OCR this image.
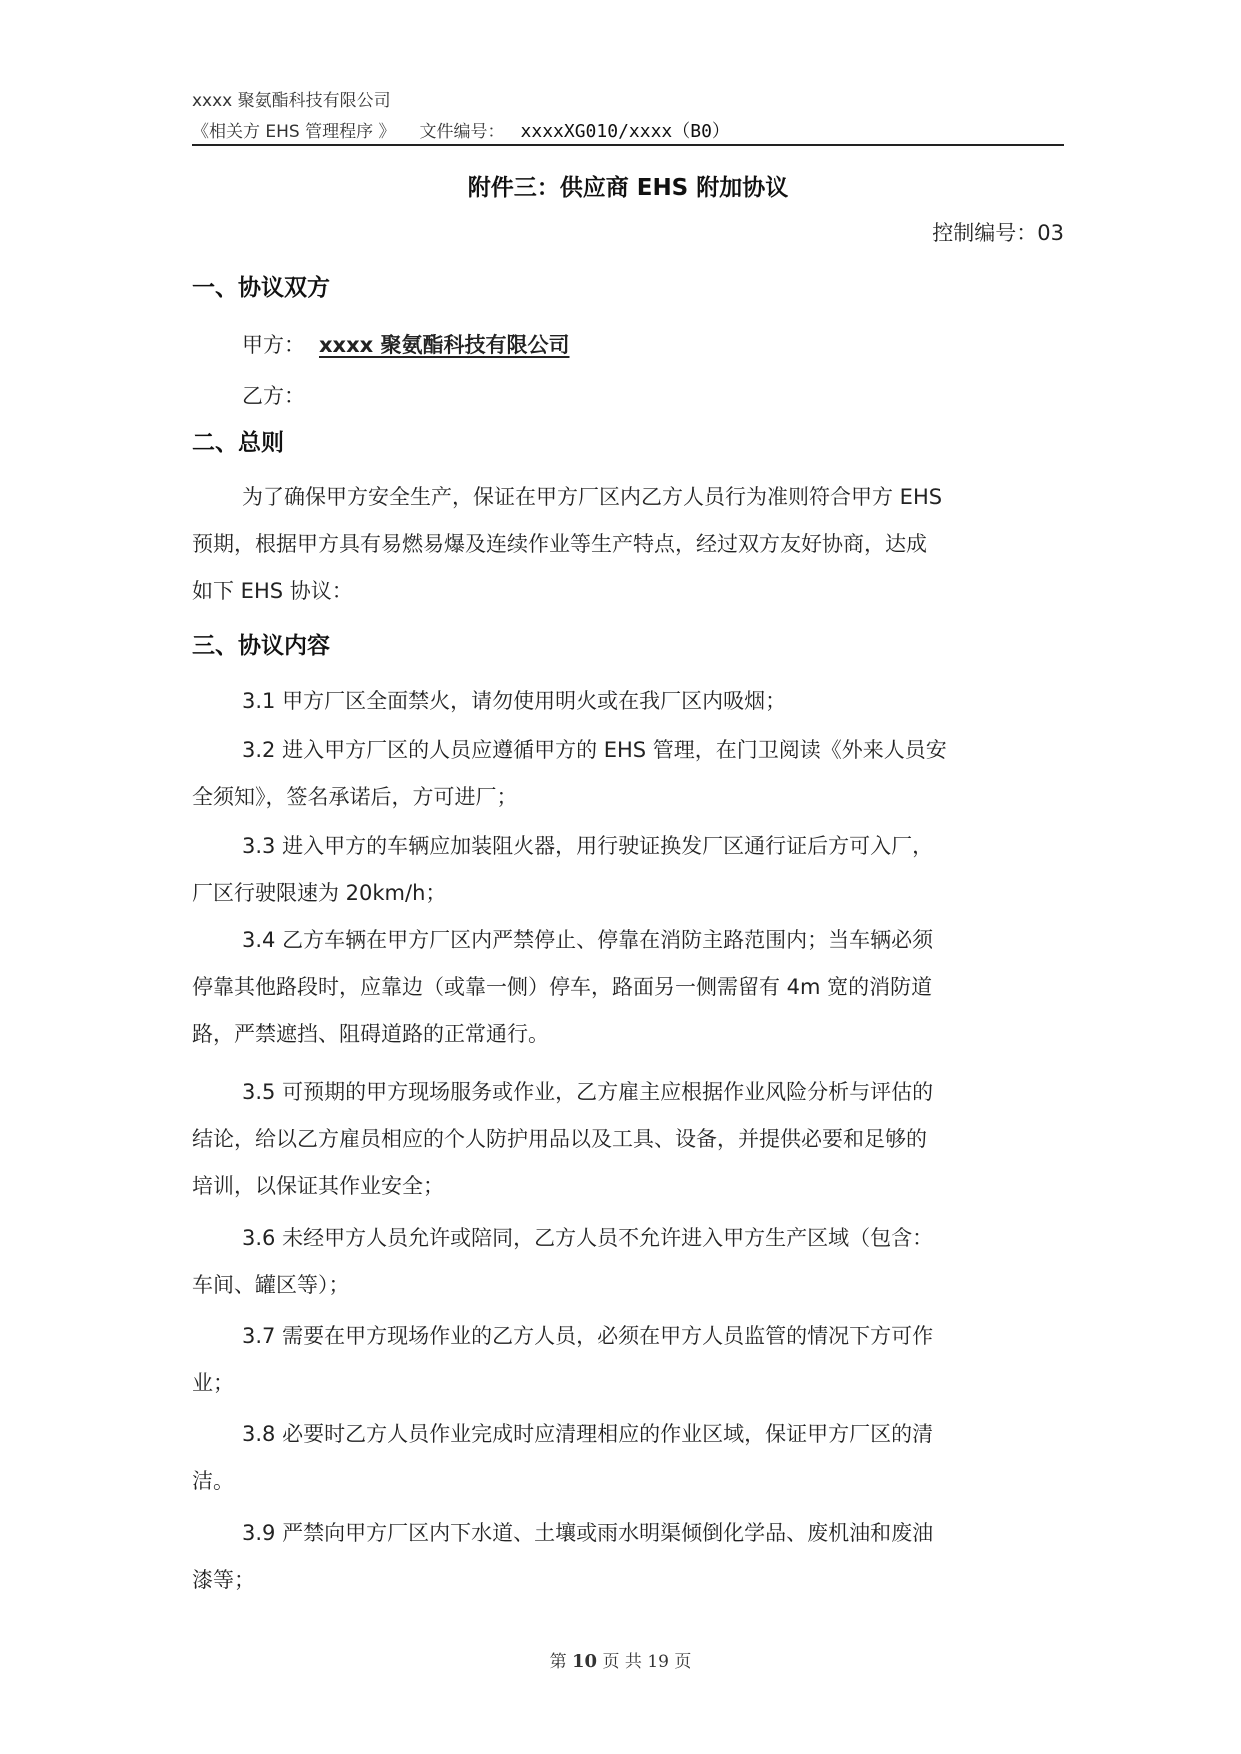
xxxx 聚氨酯科技有限公司
《相关方 EHS 管理程序 》 文件编号： xxxxXG010/xxxx（B0）
附件三：供应商 EHS 附加协议
控制编号：03
一、协议双方
甲方： xxxx 聚氨酯科技有限公司
乙方：
二、总则
为了确保甲方安全生产，保证在甲方厂区内乙方人员行为准则符合甲方 EHS
预期，根据甲方具有易燃易爆及连续作业等生产特点，经过双方友好协商，达成
如下 EHS 协议：
三、协议内容
3.1 甲方厂区全面禁火，请勿使用明火或在我厂区内吸烟；
3.2 进入甲方厂区的人员应遵循甲方的 EHS 管理，在门卫阅读《外来人员安
全须知》，签名承诺后，方可进厂；
3.3 进入甲方的车辆应加装阻火器，用行驶证换发厂区通行证后方可入厂，
厂区行驶限速为 20km/h；
3.4 乙方车辆在甲方厂区内严禁停止、停靠在消防主路范围内；当车辆必须
停靠其他路段时，应靠边（或靠一侧）停车，路面另一侧需留有 4m 宽的消防道
路，严禁遮挡、阻碍道路的正常通行。
3.5 可预期的甲方现场服务或作业，乙方雇主应根据作业风险分析与评估的
结论，给以乙方雇员相应的个人防护用品以及工具、设备，并提供必要和足够的
培训，以保证其作业安全；
3.6 未经甲方人员允许或陪同，乙方人员不允许进入甲方生产区域（包含：
车间、罐区等）；
3.7 需要在甲方现场作业的乙方人员，必须在甲方人员监管的情况下方可作
业；
3.8 必要时乙方人员作业完成时应清理相应的作业区域，保证甲方厂区的清
洁。
3.9 严禁向甲方厂区内下水道、土壤或雨水明渠倾倒化学品、废机油和废油
漆等；
第 10 页 共 19 页
